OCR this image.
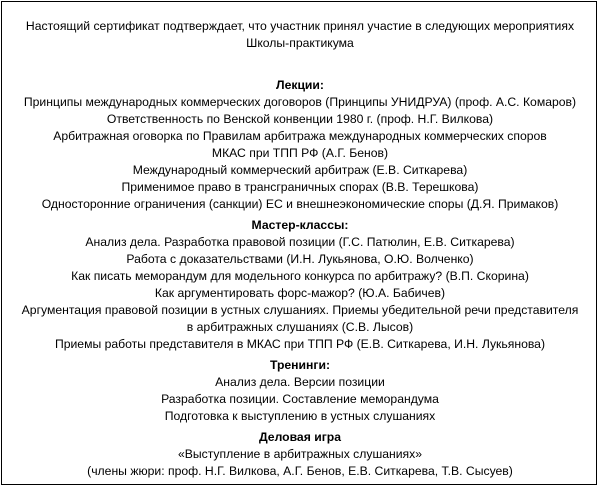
Настоящий сертификат подтверждает, что участник принял участие в следующих мероприятиях
Школы-практикума
Лекции:
Принципы международных коммерческих договоров (Принципы УНИДРУА) (проф. А.С. Комаров)
Ответственность по Венской конвенции 1980 г. (проф. Н.Г. Вилкова)
Арбитражная оговорка по Правилам арбитража международных коммерческих споров
МКАС при ТПП РФ (А.Г. Бенов)
Международный коммерческий арбитраж (Е.В. Ситкарева)
Применимое право в трансграничных спорах (В.В. Терешкова)
Односторонние ограничения (санкции) ЕС и внешнеэкономические споры (Д.Я. Примаков)
Мастер-классы:
Анализ дела. Разработка правовой позиции (Г.С. Патюлин, Е.В. Ситкарева)
Работа с доказательствами (И.Н. Лукьянова, О.Ю. Волченко)
Как писать меморандум для модельного конкурса по арбитражу? (В.П. Скорина)
Как аргументировать форс-мажор? (Ю.А. Бабичев)
Аргументация правовой позиции в устных слушаниях. Приемы убедительной речи представителя
в арбитражных слушаниях (С.В. Лысов)
Приемы работы представителя в МКАС при ТПП РФ (Е.В. Ситкарева, И.Н. Лукьянова)
Тренинги:
Анализ дела. Версии позиции
Разработка позиции. Составление меморандума
Подготовка к выступлению в устных слушаниях
Деловая игра
«Выступление в арбитражных слушаниях»
(члены жюри: проф. Н.Г. Вилкова, А.Г. Бенов, Е.В. Ситкарева, Т.В. Сысуев)
